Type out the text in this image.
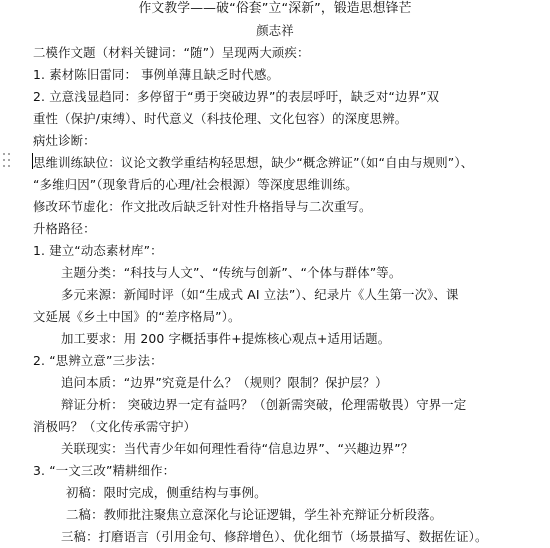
作文教学——破“俗套”立“深新”，锻造思想锋芒
颜志祥
二模作文题（材料关键词：“随”）呈现两大顽疾：
1. 素材陈旧雷同： 事例单薄且缺乏时代感。
2. 立意浅显趋同：多停留于“勇于突破边界”的表层呼吁，缺乏对“边界”双
重性（保护/束缚）、时代意义（科技伦理、文化包容）的深度思辨。
病灶诊断：
思维训练缺位：议论文教学重结构轻思想，缺少“概念辨证”（如“自由与规则”）、
“多维归因”（现象背后的心理/社会根源）等深度思维训练。
修改环节虚化：作文批改后缺乏针对性升格指导与二次重写。
升格路径：
1. 建立“动态素材库”：
主题分类：“科技与人文”、“传统与创新”、“个体与群体”等。
多元来源：新闻时评（如“生成式 AI 立法”）、纪录片《人生第一次》、课
文延展《乡土中国》的“差序格局”）。
加工要求：用 200 字概括事件+提炼核心观点+适用话题。
2. “思辨立意”三步法：
追问本质：“边界”究竟是什么？（规则？限制？保护层？）
辩证分析： 突破边界一定有益吗？（创新需突破，伦理需敬畏）守界一定
消极吗？（文化传承需守护）
关联现实：当代青少年如何理性看待“信息边界”、“兴趣边界”？
3. “一文三改”精耕细作：
初稿：限时完成，侧重结构与事例。
二稿：教师批注聚焦立意深化与论证逻辑，学生补充辩证分析段落。
三稿：打磨语言（引用金句、修辞增色）、优化细节（场景描写、数据佐证）。
